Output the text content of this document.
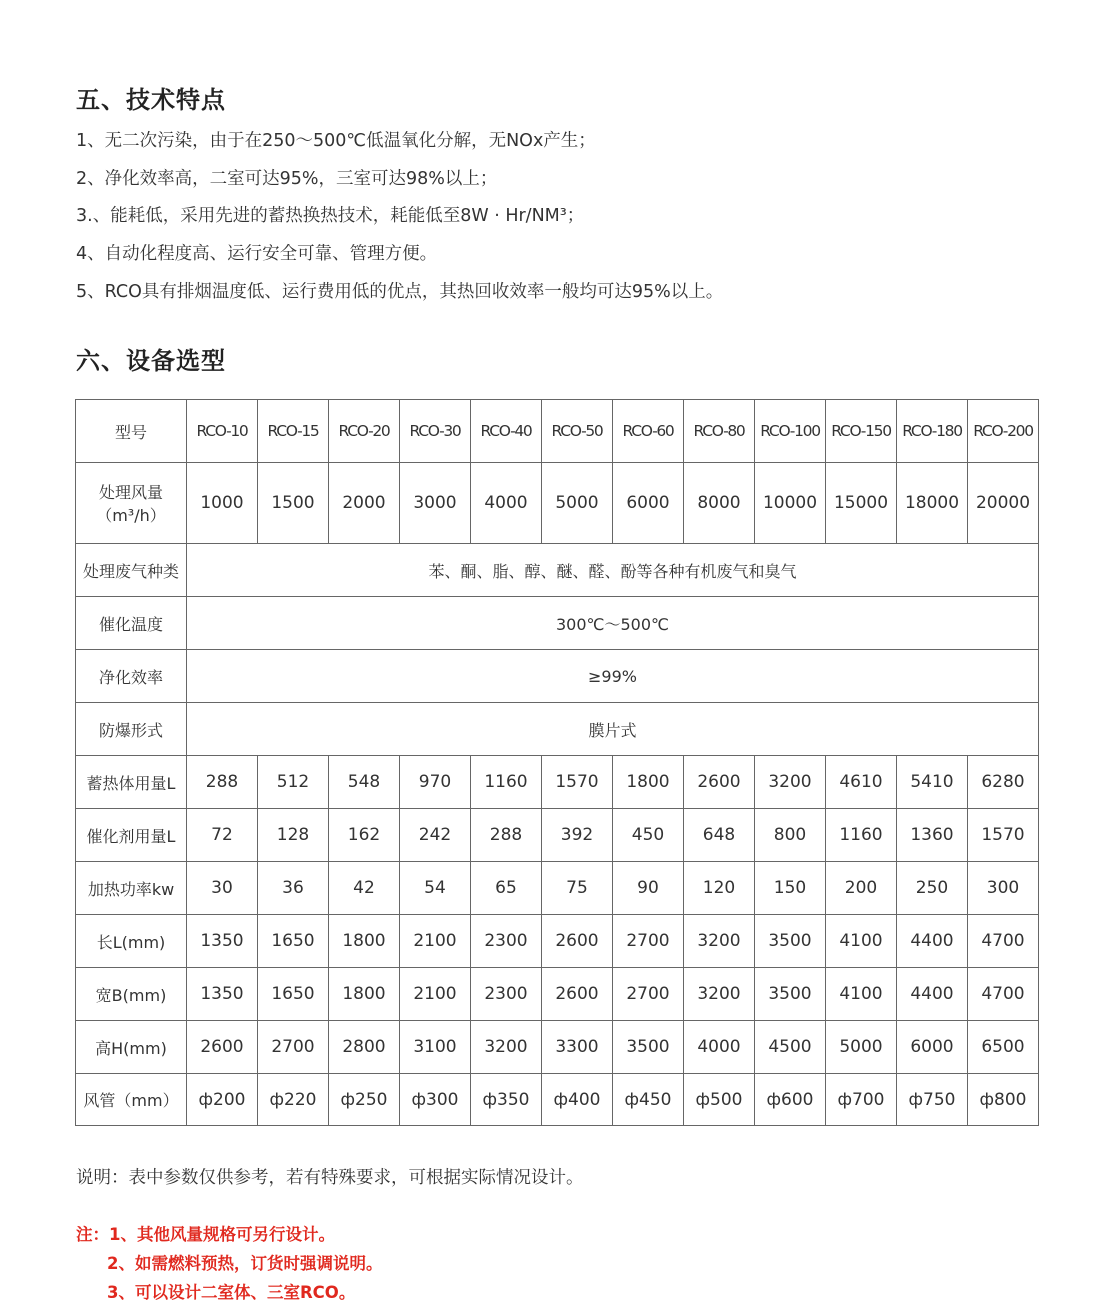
五、技术特点
1、无二次污染，由于在250～500℃低温氧化分解，无NOx产生；
2、净化效率高，二室可达95%，三室可达98%以上；
3.、能耗低，采用先进的蓄热换热技术，耗能低至8W · Hr/NM³；
4、自动化程度高、运行安全可靠、管理方便。
5、RCO具有排烟温度低、运行费用低的优点，其热回收效率一般均可达95%以上。
六、设备选型
型号	RCO-10	RCO-15	RCO-20	RCO-30	RCO-40	RCO-50	RCO-60	RCO-80	RCO-100	RCO-150	RCO-180	RCO-200

处理风量
（m³/h）	1000	1500	2000	3000	4000	5000	6000	8000	10000	15000	18000	20000
处理废气种类	苯、酮、脂、醇、醚、醛、酚等各种有机废气和臭气											
催化温度	300℃～500℃											
净化效率	≥99%											
防爆形式	膜片式											
蓄热体用量L	288	512	548	970	1160	1570	1800	2600	3200	4610	5410	6280
催化剂用量L	72	128	162	242	288	392	450	648	800	1160	1360	1570
加热功率kw	30	36	42	54	65	75	90	120	150	200	250	300
长L(mm)	1350	1650	1800	2100	2300	2600	2700	3200	3500	4100	4400	4700
宽B(mm)	1350	1650	1800	2100	2300	2600	2700	3200	3500	4100	4400	4700
高H(mm)	2600	2700	2800	3100	3200	3300	3500	4000	4500	5000	6000	6500
风管（mm）	ф200	ф220	ф250	ф300	ф350	ф400	ф450	ф500	ф600	ф700	ф750	ф800
说明：表中参数仅供参考，若有特殊要求，可根据实际情况设计。
注：1、其他风量规格可另行设计。
2、如需燃料预热，订货时强调说明。
3、可以设计二室体、三室RCO。
